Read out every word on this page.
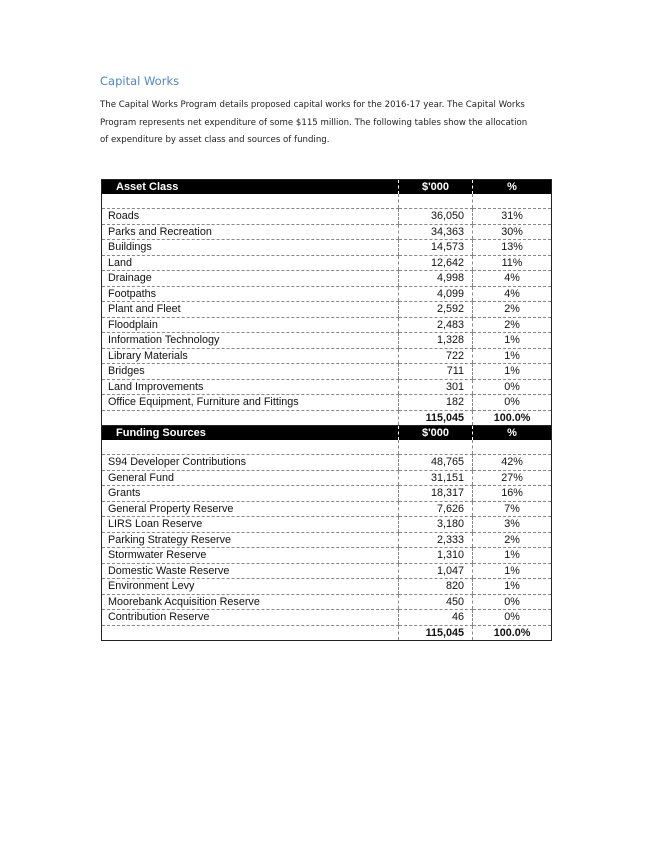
Capital Works

The Capital Works Program details proposed capital works for the 2016-17 year. The Capital Works Program represents net expenditure of some $115 million. The following tables show the allocation of expenditure by asset class and sources of funding.

Asset Class	$'000	%

Roads	36,050	31%
Parks and Recreation	34,363	30%
Buildings	14,573	13%
Land	12,642	11%
Drainage	4,998	4%
Footpaths	4,099	4%
Plant and Fleet	2,592	2%
Floodplain	2,483	2%
Information Technology	1,328	1%
Library Materials	722	1%
Bridges	711	1%
Land Improvements	301	0%
Office Equipment, Furniture and Fittings	182	0%
	115,045	100.0%
Funding Sources	$'000	%

S94 Developer Contributions	48,765	42%
General Fund	31,151	27%
Grants	18,317	16%
General Property Reserve	7,626	7%
LIRS Loan Reserve	3,180	3%
Parking Strategy Reserve	2,333	2%
Stormwater Reserve	1,310	1%
Domestic Waste Reserve	1,047	1%
Environment Levy	820	1%
Moorebank Acquisition Reserve	450	0%
Contribution Reserve	46	0%
	115,045	100.0%
